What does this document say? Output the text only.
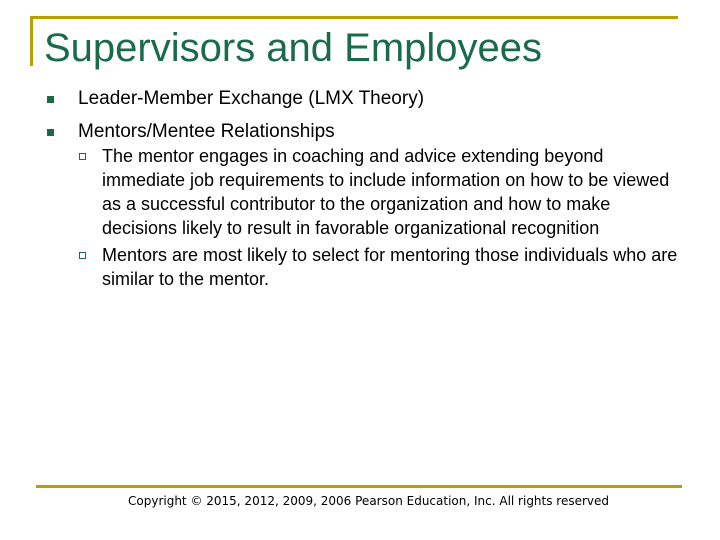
Supervisors and Employees
Leader-Member Exchange (LMX Theory)
Mentors/Mentee Relationships
The mentor engages in coaching and advice extending beyond immediate job requirements to include information on how to be viewed as a successful contributor to the organization and how to make decisions likely to result in favorable organizational recognition
Mentors are most likely to select for mentoring those individuals who are similar to the mentor.
Copyright © 2015, 2012, 2009, 2006 Pearson Education, Inc. All rights reserved
